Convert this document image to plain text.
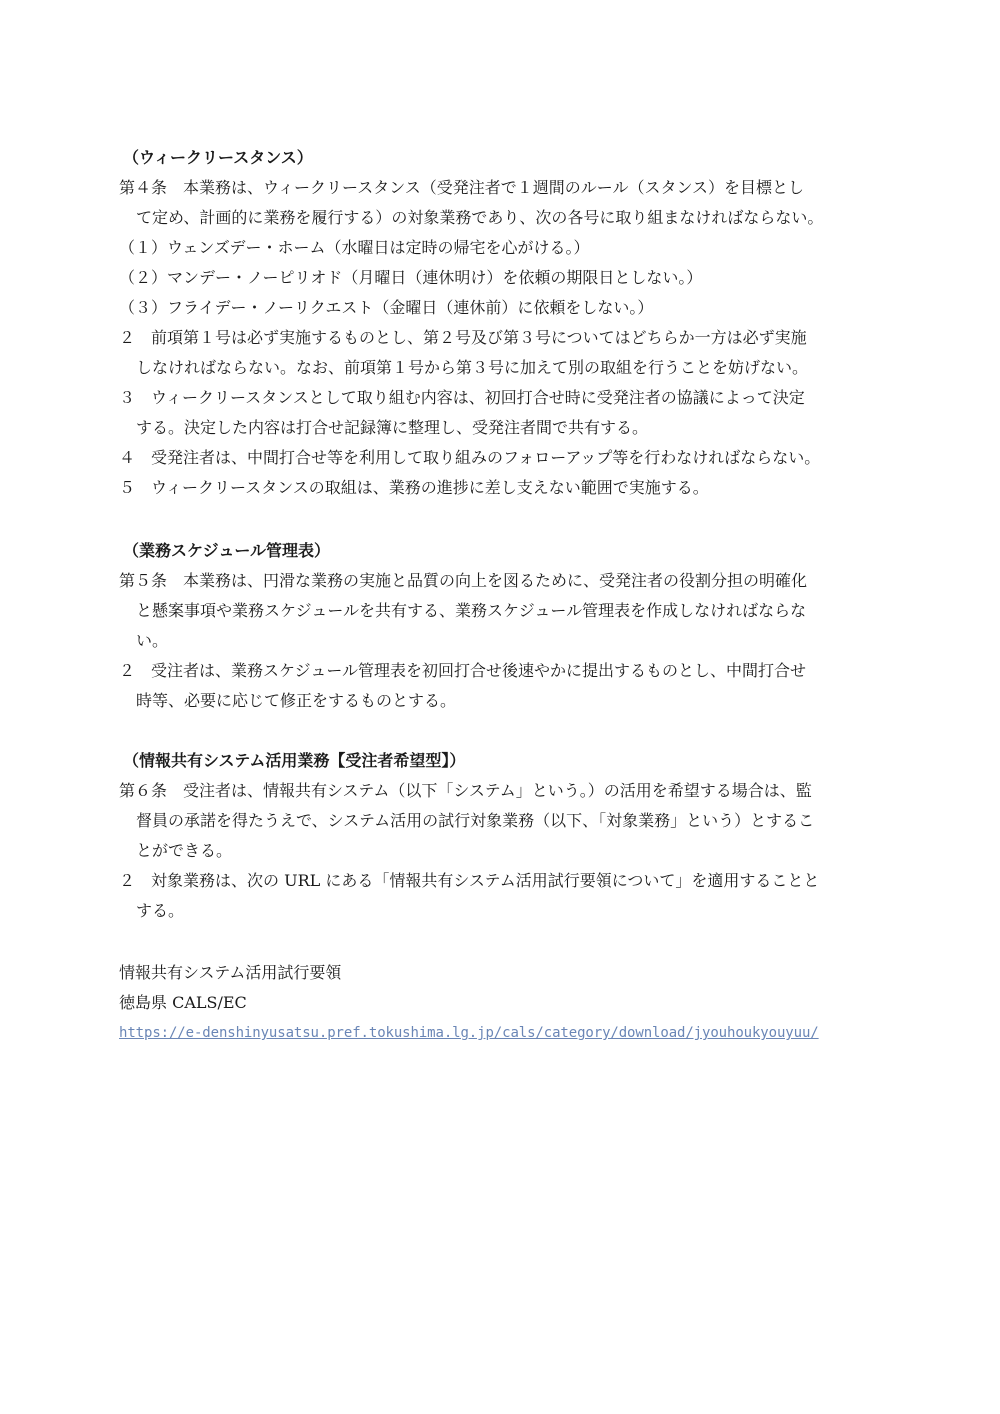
（ウィークリースタンス）
第４条　本業務は、ウィークリースタンス（受発注者で１週間のルール（スタンス）を目標とし
て定め、計画的に業務を履行する）の対象業務であり、次の各号に取り組まなければならない。
（１）ウェンズデー・ホーム（水曜日は定時の帰宅を心がける。）
（２）マンデー・ノーピリオド（月曜日（連休明け）を依頼の期限日としない。）
（３）フライデー・ノーリクエスト（金曜日（連休前）に依頼をしない。）
２　前項第１号は必ず実施するものとし、第２号及び第３号についてはどちらか一方は必ず実施
しなければならない。なお、前項第１号から第３号に加えて別の取組を行うことを妨げない。
３　ウィークリースタンスとして取り組む内容は、初回打合せ時に受発注者の協議によって決定
する。決定した内容は打合せ記録簿に整理し、受発注者間で共有する。
４　受発注者は、中間打合せ等を利用して取り組みのフォローアップ等を行わなければならない。
５　ウィークリースタンスの取組は、業務の進捗に差し支えない範囲で実施する。
（業務スケジュール管理表）
第５条　本業務は、円滑な業務の実施と品質の向上を図るために、受発注者の役割分担の明確化
と懸案事項や業務スケジュールを共有する、業務スケジュール管理表を作成しなければならな
い。
２　受注者は、業務スケジュール管理表を初回打合せ後速やかに提出するものとし、中間打合せ
時等、必要に応じて修正をするものとする。
（情報共有システム活用業務【受注者希望型】）
第６条　受注者は、情報共有システム（以下「システム」という。）の活用を希望する場合は、監
督員の承諾を得たうえで、システム活用の試行対象業務（以下、「対象業務」という）とするこ
とができる。
２　対象業務は、次の URL にある「情報共有システム活用試行要領について」を適用することと
する。
情報共有システム活用試行要領
徳島県 CALS/EC
https://e-denshinyusatsu.pref.tokushima.lg.jp/cals/category/download/jyouhoukyouyuu/
